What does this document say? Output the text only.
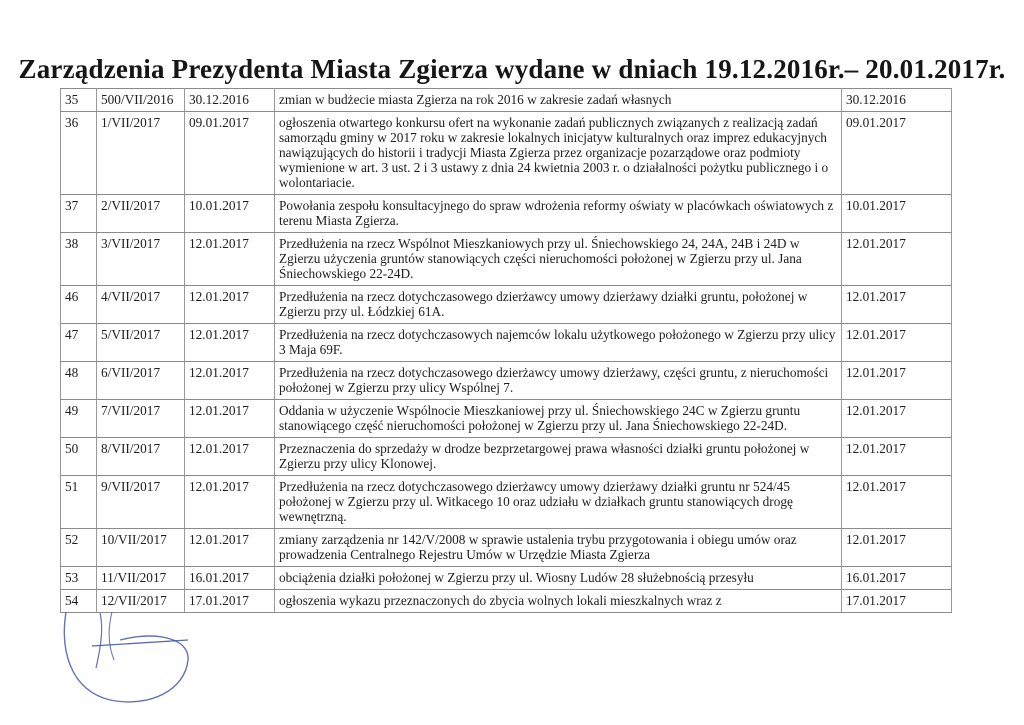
Zarządzenia Prezydenta Miasta Zgierza wydane w dniach 19.12.2016r.– 20.01.2017r.
35	500/VII/2016	30.12.2016	zmian w budżecie miasta Zgierza na rok 2016 w zakresie zadań własnych	30.12.2016
36	1/VII/2017	09.01.2017	ogłoszenia otwartego konkursu ofert na wykonanie zadań publicznych związanych z realizacją zadań samorządu gminy w 2017 roku w zakresie lokalnych inicjatyw kulturalnych oraz imprez edukacyjnych nawiązujących do historii i tradycji Miasta Zgierza przez organizacje pozarządowe oraz podmioty wymienione w art. 3 ust. 2 i 3 ustawy z dnia 24 kwietnia 2003 r. o działalności pożytku publicznego i o wolontariacie.	09.01.2017
37	2/VII/2017	10.01.2017	Powołania zespołu konsultacyjnego do spraw wdrożenia reformy oświaty w placówkach oświatowych z terenu Miasta Zgierza.	10.01.2017
38	3/VII/2017	12.01.2017	Przedłużenia na rzecz Wspólnot Mieszkaniowych przy ul. Śniechowskiego 24, 24A, 24B i 24D w Zgierzu użyczenia gruntów stanowiących części nieruchomości położonej w Zgierzu przy ul. Jana Śniechowskiego 22-24D.	12.01.2017
46	4/VII/2017	12.01.2017	Przedłużenia na rzecz dotychczasowego dzierżawcy umowy dzierżawy działki gruntu, położonej w Zgierzu przy ul. Łódzkiej 61A.	12.01.2017
47	5/VII/2017	12.01.2017	Przedłużenia na rzecz dotychczasowych najemców lokalu użytkowego położonego w Zgierzu przy ulicy 3 Maja 69F.	12.01.2017
48	6/VII/2017	12.01.2017	Przedłużenia na rzecz dotychczasowego dzierżawcy umowy dzierżawy, części gruntu, z nieruchomości położonej w Zgierzu przy ulicy Wspólnej 7.	12.01.2017
49	7/VII/2017	12.01.2017	Oddania w użyczenie Wspólnocie Mieszkaniowej przy ul. Śniechowskiego 24C w Zgierzu gruntu stanowiącego część nieruchomości położonej w Zgierzu przy ul. Jana Śniechowskiego 22-24D.	12.01.2017
50	8/VII/2017	12.01.2017	Przeznaczenia do sprzedaży w drodze bezprzetargowej prawa własności działki gruntu położonej w Zgierzu przy ulicy Klonowej.	12.01.2017
51	9/VII/2017	12.01.2017	Przedłużenia na rzecz dotychczasowego dzierżawcy umowy dzierżawy działki gruntu nr 524/45 położonej w Zgierzu przy ul. Witkacego 10 oraz udziału w działkach gruntu stanowiących drogę wewnętrzną.	12.01.2017
52	10/VII/2017	12.01.2017	zmiany zarządzenia nr 142/V/2008 w sprawie ustalenia trybu przygotowania i obiegu umów oraz prowadzenia Centralnego Rejestru Umów w Urzędzie Miasta Zgierza	12.01.2017
53	11/VII/2017	16.01.2017	obciążenia działki położonej w Zgierzu przy ul. Wiosny Ludów 28 służebnością przesyłu	16.01.2017
54	12/VII/2017	17.01.2017	ogłoszenia wykazu przeznaczonych do zbycia wolnych lokali mieszkalnych wraz z	17.01.2017
